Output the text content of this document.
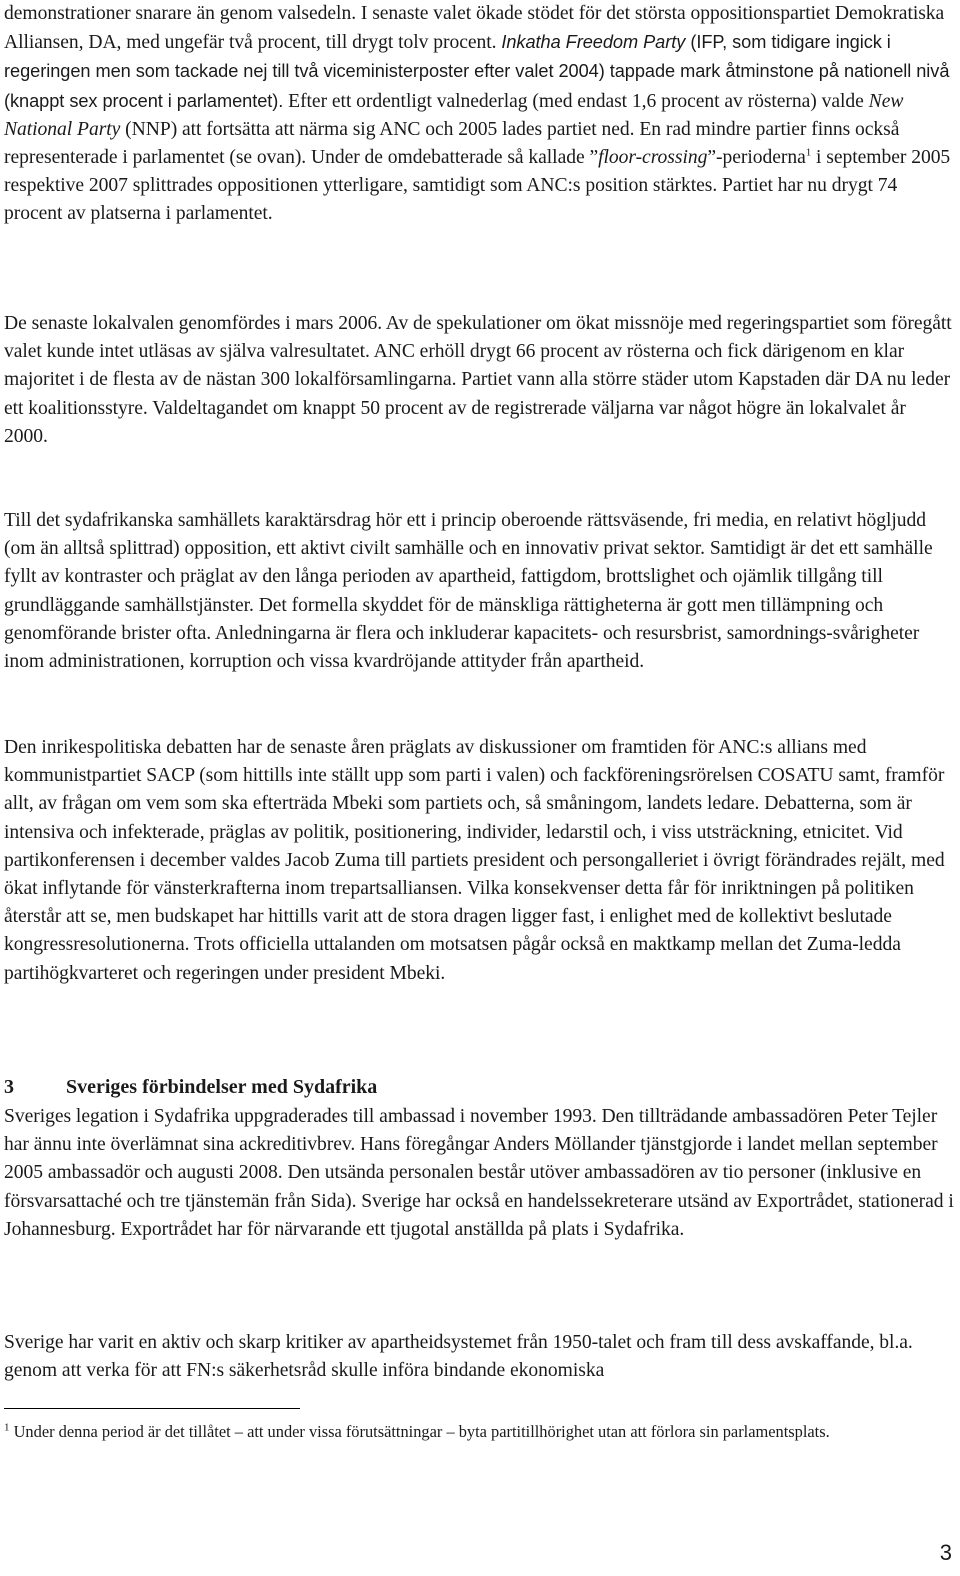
demonstrationer snarare än genom valsedeln. I senaste valet ökade stödet för det största oppositionspartiet Demokratiska Alliansen, DA, med ungefär två procent, till drygt tolv procent. Inkatha Freedom Party (IFP, som tidigare ingick i regeringen men som tackade nej till två viceministerposter efter valet 2004) tappade mark åtminstone på nationell nivå (knappt sex procent i parlamentet). Efter ett ordentligt valnederlag (med endast 1,6 procent av rösterna) valde New National Party (NNP) att fortsätta att närma sig ANC och 2005 lades partiet ned. En rad mindre partier finns också representerade i parlamentet (se ovan). Under de omdebatterade så kallade ”floor-crossing”-perioderna$^1$ i september 2005 respektive 2007 splittrades oppositionen ytterligare, samtidigt som ANC:s position stärktes. Partiet har nu drygt 74 procent av platserna i parlamentet.

De senaste lokalvalen genomfördes i mars 2006. Av de spekulationer om ökat missnöje med regeringspartiet som föregått valet kunde intet utläsas av själva valresultatet. ANC erhöll drygt 66 procent av rösterna och fick därigenom en klar majoritet i de flesta av de nästan 300 lokalförsamlingarna. Partiet vann alla större städer utom Kapstaden där DA nu leder ett koalitionsstyre. Valdeltagandet om knappt 50 procent av de registrerade väljarna var något högre än lokalvalet år 2000.

Till det sydafrikanska samhällets karaktärsdrag hör ett i princip oberoende rättsväsende, fri media, en relativt högljudd (om än alltså splittrad) opposition, ett aktivt civilt samhälle och en innovativ privat sektor. Samtidigt är det ett samhälle fyllt av kontraster och präglat av den långa perioden av apartheid, fattigdom, brottslighet och ojämlik tillgång till grundläggande samhällstjänster. Det formella skyddet för de mänskliga rättigheterna är gott men tillämpning och genomförande brister ofta. Anledningarna är flera och inkluderar kapacitets- och resursbrist, samordnings-svårigheter inom administrationen, korruption och vissa kvardröjande attityder från apartheid.

Den inrikespolitiska debatten har de senaste åren präglats av diskussioner om framtiden för ANC:s allians med kommunistpartiet SACP (som hittills inte ställt upp som parti i valen) och fackföreningsrörelsen COSATU samt, framför allt, av frågan om vem som ska efterträda Mbeki som partiets och, så småningom, landets ledare. Debatterna, som är intensiva och infekterade, präglas av politik, positionering, individer, ledarstil och, i viss utsträckning, etnicitet. Vid partikonferensen i december valdes Jacob Zuma till partiets president och persongalleriet i övrigt förändrades rejält, med ökat inflytande för vänsterkrafterna inom trepartsalliansen. Vilka konsekvenser detta får för inriktningen på politiken återstår att se, men budskapet har hittills varit att de stora dragen ligger fast, i enlighet med de kollektivt beslutade kongressresolutionerna. Trots officiella uttalanden om motsatsen pågår också en maktkamp mellan det Zuma-ledda partihögkvarteret och regeringen under president Mbeki.

3	Sveriges förbindelser med Sydafrika

Sveriges legation i Sydafrika uppgraderades till ambassad i november 1993. Den tillträdande ambassadören Peter Tejler har ännu inte överlämnat sina ackreditivbrev. Hans föregångar Anders Möllander tjänstgjorde i landet mellan september 2005 ambassadör och augusti 2008. Den utsända personalen består utöver ambassadören av tio personer (inklusive en försvarsattaché och tre tjänstemän från Sida). Sverige har också en handelssekreterare utsänd av Exportrådet, stationerad i Johannesburg. Exportrådet har för närvarande ett tjugotal anställda på plats i Sydafrika.

Sverige har varit en aktiv och skarp kritiker av apartheidsystemet från 1950-talet och fram till dess avskaffande, bl.a. genom att verka för att FN:s säkerhetsråd skulle införa bindande ekonomiska

$^1$ Under denna period är det tillåtet – att under vissa förutsättningar – byta partitillhörighet utan att förlora sin parlamentsplats.

3
